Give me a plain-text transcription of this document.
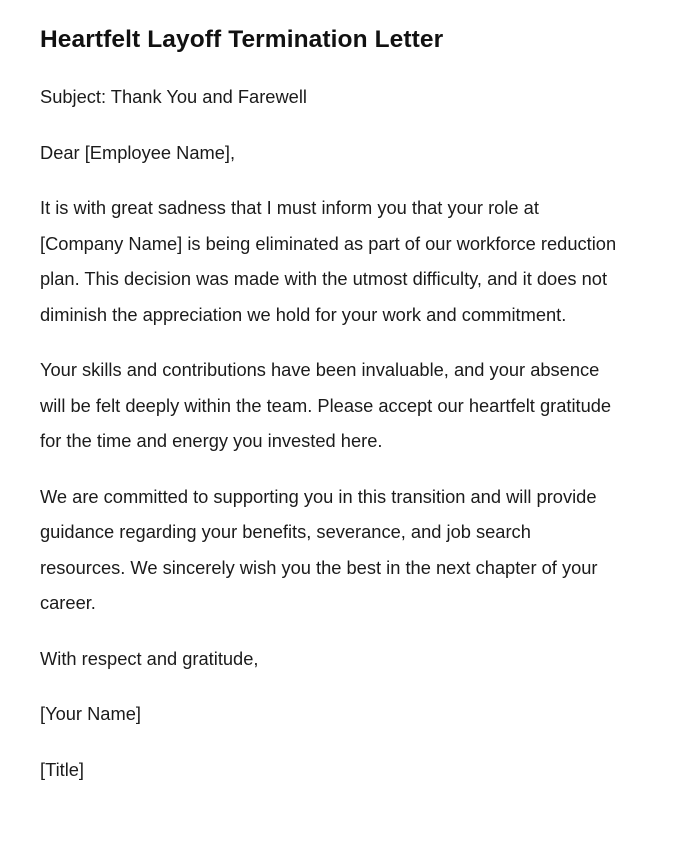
Heartfelt Layoff Termination Letter

Subject: Thank You and Farewell

Dear [Employee Name],

It is with great sadness that I must inform you that your role at [Company Name] is being eliminated as part of our workforce reduction plan. This decision was made with the utmost difficulty, and it does not diminish the appreciation we hold for your work and commitment.

Your skills and contributions have been invaluable, and your absence will be felt deeply within the team. Please accept our heartfelt gratitude for the time and energy you invested here.

We are committed to supporting you in this transition and will provide guidance regarding your benefits, severance, and job search resources. We sincerely wish you the best in the next chapter of your career.

With respect and gratitude,

[Your Name]

[Title]
